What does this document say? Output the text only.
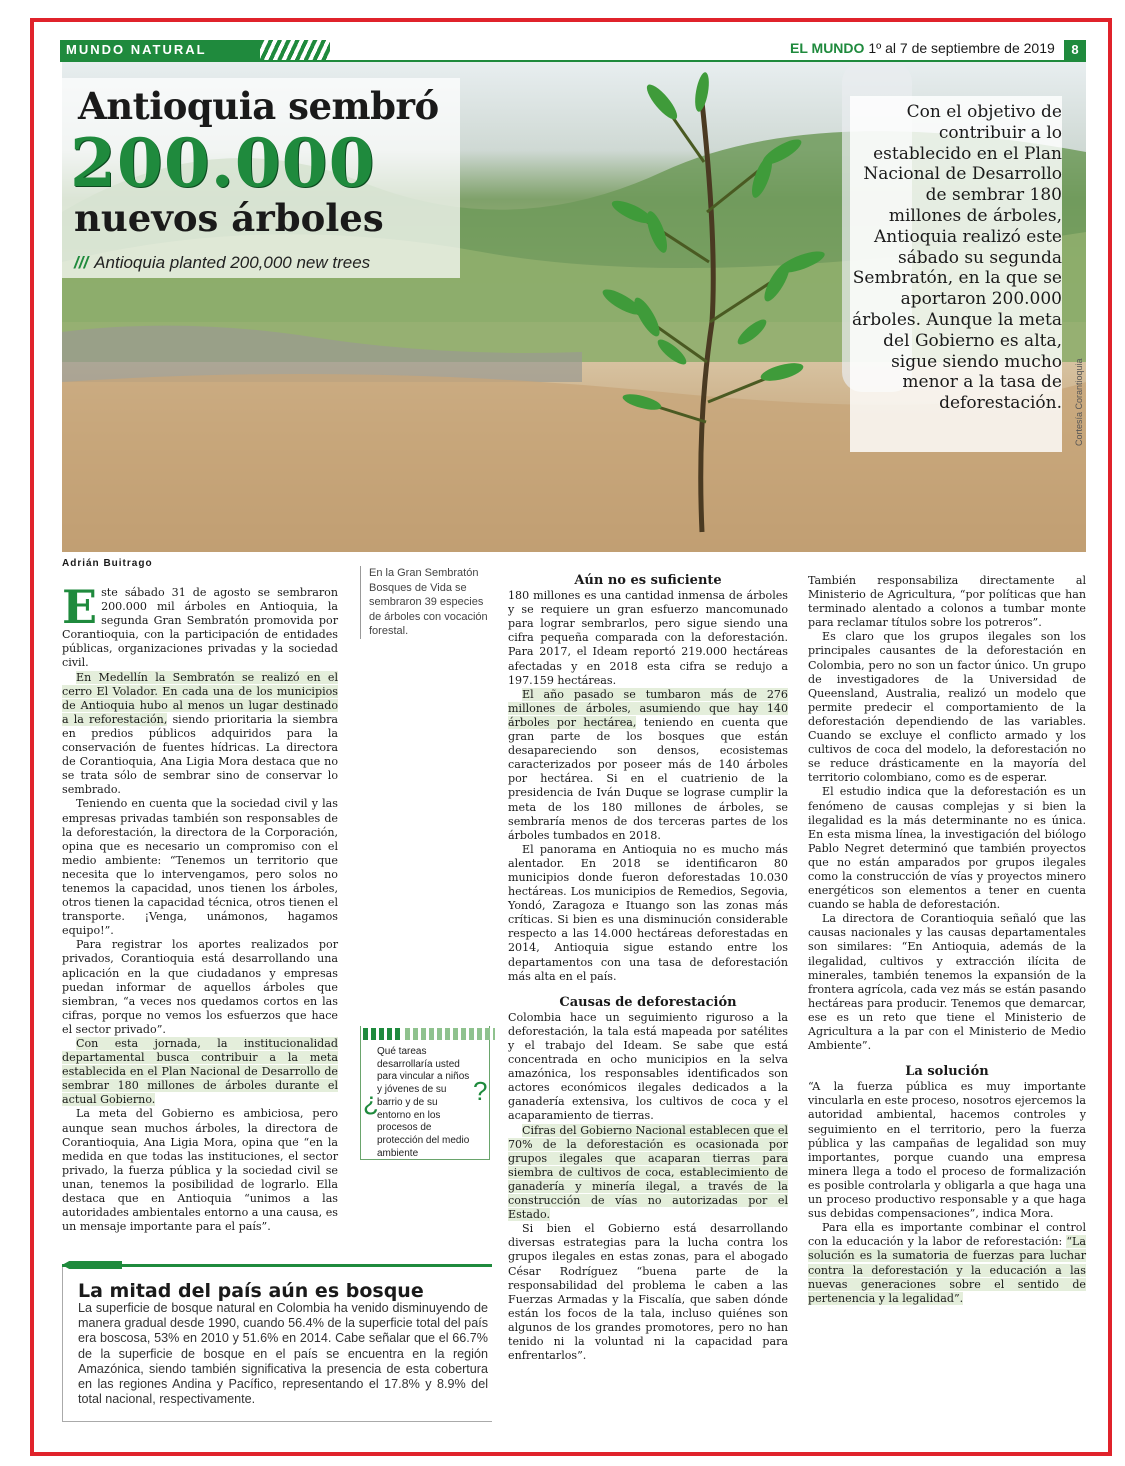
MUNDO NATURAL	EL MUNDO 1º al 7 de septiembre de 2019	8
Cortesía Corantioquia
Antioquia sembró
200.000
nuevos árboles
/// Antioquia planted 200,000 new trees
Con el objetivo de contribuir a lo establecido en el Plan Nacional de Desarrollo de sembrar 180 millones de árboles, Antioquia realizó este sábado su segunda Sembratón, en la que se aportaron 200.000 árboles. Aunque la meta del Gobierno es alta, sigue siendo mucho menor a la tasa de deforestación.
Adrián Buitrago

Este sábado 31 de agosto se sembraron 200.000 mil árboles en Antioquia, la segunda Gran Sembratón promovida por Corantioquia, con la participación de entidades públicas, organizaciones privadas y la sociedad civil.

En Medellín la Sembratón se realizó en el cerro El Volador. En cada una de los municipios de Antioquia hubo al menos un lugar destinado a la reforestación, siendo prioritaria la siembra en predios públicos adquiridos para la conservación de fuentes hídricas. La directora de Corantioquia, Ana Ligia Mora destaca que no se trata sólo de sembrar sino de conservar lo sembrado.

Teniendo en cuenta que la sociedad civil y las empresas privadas también son responsables de la deforestación, la directora de la Corporación, opina que es necesario un compromiso con el medio ambiente: “Tenemos un territorio que necesita que lo intervengamos, pero solos no tenemos la capacidad, unos tienen los árboles, otros tienen la capacidad técnica, otros tienen el transporte. ¡Venga, unámonos, hagamos equipo!”.

Para registrar los aportes realizados por privados, Corantioquia está desarrollando una aplicación en la que ciudadanos y empresas puedan informar de aquellos árboles que siembran, “a veces nos quedamos cortos en las cifras, porque no vemos los esfuerzos que hace el sector privado”.

Con esta jornada, la institucionalidad departamental busca contribuir a la meta establecida en el Plan Nacional de Desarrollo de sembrar 180 millones de árboles durante el actual Gobierno.

La meta del Gobierno es ambiciosa, pero aunque sean muchos árboles, la directora de Corantioquia, Ana Ligia Mora, opina que “en la medida en que todas las instituciones, el sector privado, la fuerza pública y la sociedad civil se unan, tenemos la posibilidad de lograrlo. Ella destaca que en Antioquia “unimos a las autoridades ambientales entorno a una causa, es un mensaje importante para el país”.

En la Gran Sembratón Bosques de Vida se sembraron 39 especies de árboles con vocación forestal.
¿
Qué tareas desarrollaría usted para vincular a niños y jóvenes de su barrio y de su entorno en los procesos de protección del medio ambiente
?
Aún no es suficiente

180 millones es una cantidad inmensa de árboles y se requiere un gran esfuerzo mancomunado para lograr sembrarlos, pero sigue siendo una cifra pequeña comparada con la deforestación. Para 2017, el Ideam reportó 219.000 hectáreas afectadas y en 2018 esta cifra se redujo a 197.159 hectáreas.

El año pasado se tumbaron más de 276 millones de árboles, asumiendo que hay 140 árboles por hectárea, teniendo en cuenta que gran parte de los bosques que están desapareciendo son densos, ecosistemas caracterizados por poseer más de 140 árboles por hectárea. Si en el cuatrienio de la presidencia de Iván Duque se lograse cumplir la meta de los 180 millones de árboles, se sembraría menos de dos terceras partes de los árboles tumbados en 2018.

El panorama en Antioquia no es mucho más alentador. En 2018 se identificaron 80 municipios donde fueron deforestadas 10.030 hectáreas. Los municipios de Remedios, Segovia, Yondó, Zaragoza e Ituango son las zonas más críticas. Si bien es una disminución considerable respecto a las 14.000 hectáreas deforestadas en 2014, Antioquia sigue estando entre los departamentos con una tasa de deforestación más alta en el país.

Causas de deforestación

Colombia hace un seguimiento riguroso a la deforestación, la tala está mapeada por satélites y el trabajo del Ideam. Se sabe que está concentrada en ocho municipios en la selva amazónica, los responsables identificados son actores económicos ilegales dedicados a la ganadería extensiva, los cultivos de coca y el acaparamiento de tierras.

Cifras del Gobierno Nacional establecen que el 70% de la deforestación es ocasionada por grupos ilegales que acaparan tierras para siembra de cultivos de coca, establecimiento de ganadería y minería ilegal, a través de la construcción de vías no autorizadas por el Estado.

Si bien el Gobierno está desarrollando diversas estrategias para la lucha contra los grupos ilegales en estas zonas, para el abogado César Rodríguez “buena parte de la responsabilidad del problema le caben a las Fuerzas Armadas y la Fiscalía, que saben dónde están los focos de la tala, incluso quiénes son algunos de los grandes promotores, pero no han tenido ni la voluntad ni la capacidad para enfrentarlos”.

También responsabiliza directamente al Ministerio de Agricultura, “por políticas que han terminado alentado a colonos a tumbar monte para reclamar títulos sobre los potreros”.

Es claro que los grupos ilegales son los principales causantes de la deforestación en Colombia, pero no son un factor único. Un grupo de investigadores de la Universidad de Queensland, Australia, realizó un modelo que permite predecir el comportamiento de la deforestación dependiendo de las variables. Cuando se excluye el conflicto armado y los cultivos de coca del modelo, la deforestación no se reduce drásticamente en la mayoría del territorio colombiano, como es de esperar.

El estudio indica que la deforestación es un fenómeno de causas complejas y si bien la ilegalidad es la más determinante no es única. En esta misma línea, la investigación del biólogo Pablo Negret determinó que también proyectos que no están amparados por grupos ilegales como la construcción de vías y proyectos minero energéticos son elementos a tener en cuenta cuando se habla de deforestación.

La directora de Corantioquia señaló que las causas nacionales y las causas departamentales son similares: “En Antioquia, además de la ilegalidad, cultivos y extracción ilícita de minerales, también tenemos la expansión de la frontera agrícola, cada vez más se están pasando hectáreas para producir. Tenemos que demarcar, ese es un reto que tiene el Ministerio de Agricultura a la par con el Ministerio de Medio Ambiente”.

La solución

“A la fuerza pública es muy importante vincularla en este proceso, nosotros ejercemos la autoridad ambiental, hacemos controles y seguimiento en el territorio, pero la fuerza pública y las campañas de legalidad son muy importantes, porque cuando una empresa minera llega a todo el proceso de formalización es posible controlarla y obligarla a que haga una un proceso productivo responsable y a que haga sus debidas compensaciones”, indica Mora.

Para ella es importante combinar el control con la educación y la labor de reforestación: “La solución es la sumatoria de fuerzas para luchar contra la deforestación y la educación a las nuevas generaciones sobre el sentido de pertenencia y la legalidad”.

La mitad del país aún es bosque
La superficie de bosque natural en Colombia ha venido disminuyendo de manera gradual desde 1990, cuando 56.4% de la superficie total del país era boscosa, 53% en 2010 y 51.6% en 2014. Cabe señalar que el 66.7% de la superficie de bosque en el país se encuentra en la región Amazónica, siendo también significativa la presencia de esta cobertura en las regiones Andina y Pacífico, representando el 17.8% y 8.9% del total nacional, respectivamente.
